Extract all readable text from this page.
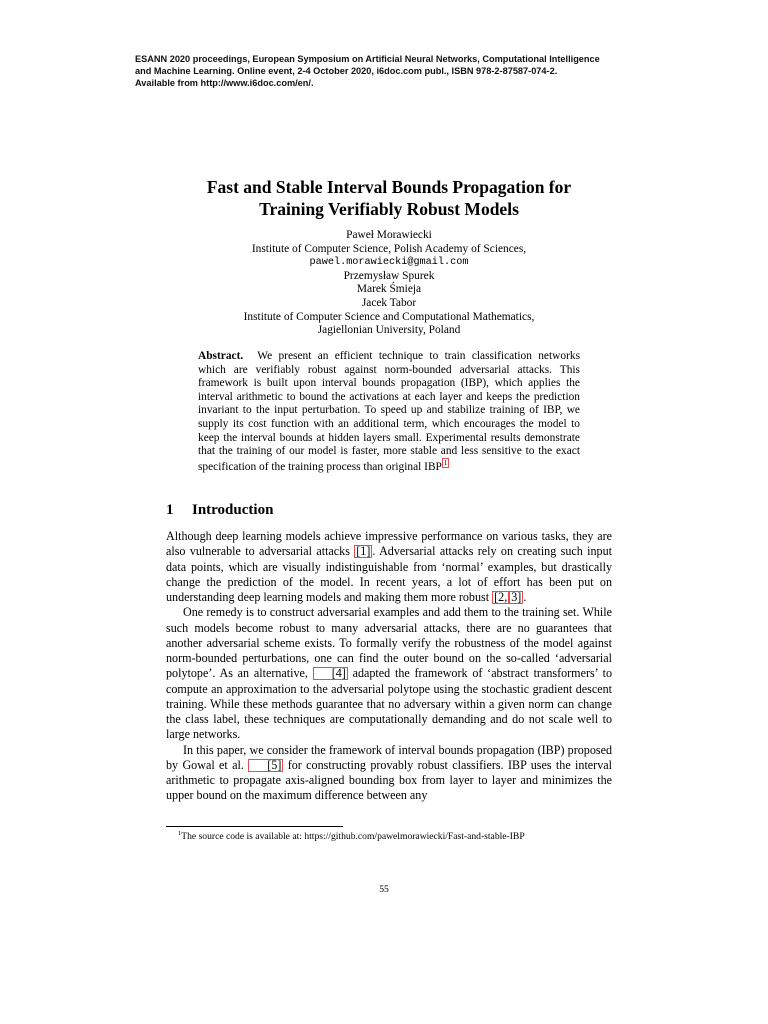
ESANN 2020 proceedings, European Symposium on Artificial Neural Networks, Computational Intelligence
and Machine Learning. Online event, 2-4 October 2020, i6doc.com publ., ISBN 978-2-87587-074-2.
Available from http://www.i6doc.com/en/.
Fast and Stable Interval Bounds Propagation for
Training Verifiably Robust Models
Paweł Morawiecki
Institute of Computer Science, Polish Academy of Sciences,
pawel.morawiecki@gmail.com
Przemysław Spurek
Marek Śmieja
Jacek Tabor
Institute of Computer Science and Computational Mathematics,
Jagiellonian University, Poland
Abstract. We present an efficient technique to train classification networks which are verifiably robust against norm-bounded adversarial attacks. This framework is built upon interval bounds propagation (IBP), which applies the interval arithmetic to bound the activations at each layer and keeps the prediction invariant to the input perturbation. To speed up and stabilize training of IBP, we supply its cost function with an additional term, which encourages the model to keep the interval bounds at hidden layers small. Experimental results demonstrate that the training of our model is faster, more stable and less sensitive to the exact specification of the training process than original IBP $^1$
1 Introduction

Although deep learning models achieve impressive performance on various tasks, they are also vulnerable to adversarial attacks [1] . Adversarial attacks rely on creating such input data points, which are visually indistinguishable from ‘normal’ examples, but drastically change the prediction of the model. In recent years, a lot of effort has been put on understanding deep learning models and making them more robust [2, 3] .

One remedy is to construct adversarial examples and add them to the training set. While such models become robust to many adversarial attacks, there are no guarantees that another adversarial scheme exists. To formally verify the robustness of the model against norm-bounded perturbations, one can find the outer bound on the so-called ‘adversarial polytope’. As an alternative, [4] adapted the framework of ‘abstract transformers’ to compute an approximation to the adversarial polytope using the stochastic gradient descent training. While these methods guarantee that no adversary within a given norm can change the class label, these techniques are computationally demanding and do not scale well to large networks.

In this paper, we consider the framework of interval bounds propagation (IBP) proposed by Gowal et al. [5] for constructing provably robust classifiers. IBP uses the interval arithmetic to propagate axis-aligned bounding box from layer to layer and minimizes the upper bound on the maximum difference between any

$^1$The source code is available at: https://github.com/pawelmorawiecki/Fast-and-stable-IBP
55
